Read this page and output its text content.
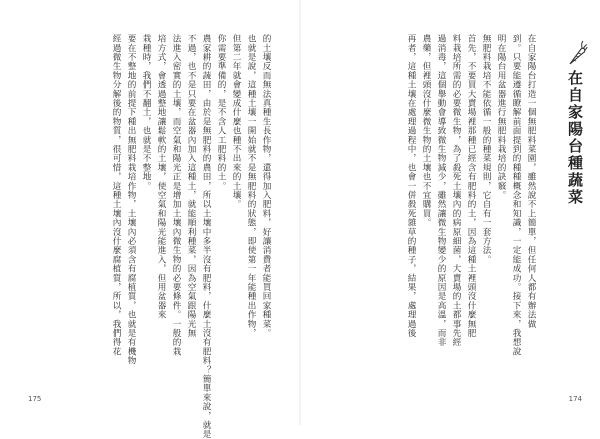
的土壤反而無法真種生長作物，還得加入肥料，好讓消費者能買回家種菜。

也就是說，這種土壤一開始就不是無肥料的狀態，即使第一年能種出作物，

但第二年就會變成什麼也種不出來的土壤。

你需要準備的，是不含人工肥料的土。

農家耕的蔬田，由於是無肥料的農田，所以土壤中多半沒有肥料，什麼土沒有肥料？簡單來說，就是

不過，也不是只要在盆器內加入這種土，就能順利種菜，因為空氣跟陽光無

法進入密實的土壤，而空氣和陽光正是增加土壤內微生物的必要條件。一般的栽

培方式，會透過整地讓鬆軟的土壤，使空氣和陽光能進入，但用盆器來

栽種時，我們不翻土，也就是不整地。

要在不整地的前提下種出無肥料栽培作物，土壤內必須含有腐植質，也就是有機物

經過微生物分解後的物質，很可惜，這種土壤內沒什麼腐植質，所以，我們得花

175
在自家陽台種蔬菜

在自家陽台打造一個無肥料菜園，雖然說不上簡單，但任何人都有辦法做

到。只要能遵循瞭解前面提到的種種概念和知識，一定能成功。接下來，我想說

明在陽台用盆器進行無肥料栽培的訣竅。

無肥料栽培不能依循一般的種菜規則，它自有一套方法。

首先，不要買大賣場裡那種已經含有肥料的土，因為這種土裡頭沒什麼無肥

料栽培所需的必要微生物，為了殺死土壤內的病原細菌，大賣場的土都事先經

過消毒，這個舉動會導致微生物減少，雖然讓微生物變少的原因是高溫，而非

農藥，但裡頭沒什麼微生物的土壤也不宜購買。

再者，這種土壤在處理過程中，也會一併殺死雜草的種子，結果，處理過後

174
